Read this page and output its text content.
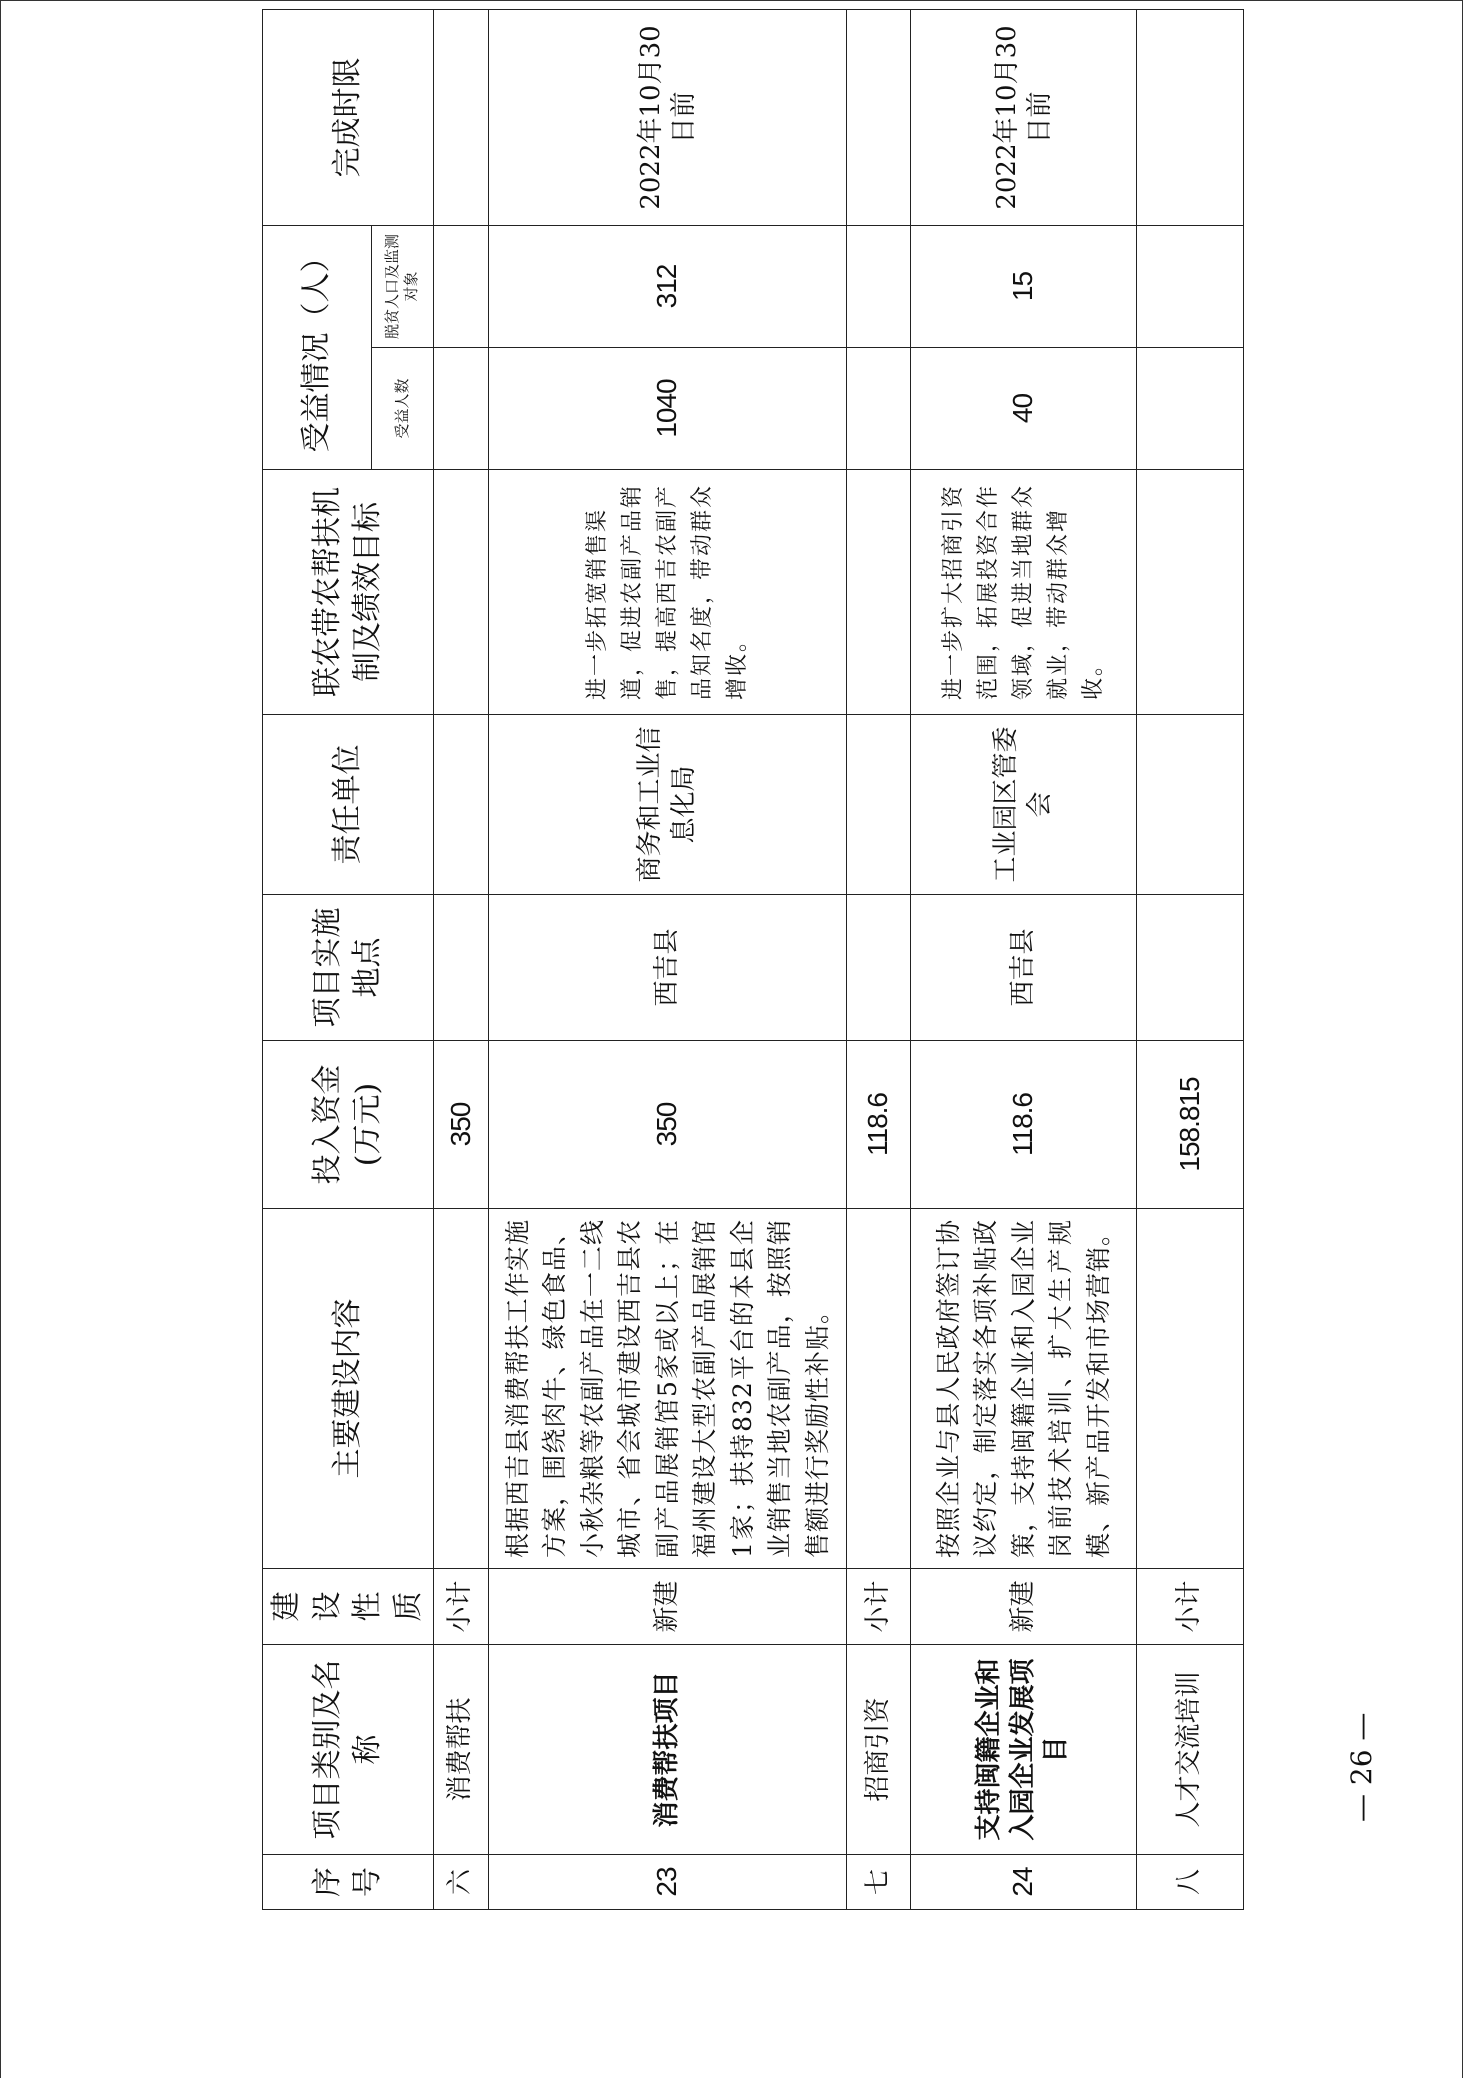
序号	项目类别及名称	建设性质	主要建设内容	投入资金(万元)	项目实施地点	责任单位	联农带农帮扶机制及绩效目标	受益情况（人）		完成时限
								受益人数	脱贫人口及监测对象	
六	消费帮扶	小计		350						
23	消费帮扶项目	新建	根据西吉县消费帮扶工作实施方案，围绕肉牛、绿色食品、小秋杂粮等农副产品在一二线城市、省会城市建设西吉县农副产品展销馆5家或以上；在福州建设大型农副产品展销馆1家；扶持832平台的本县企业销售当地农副产品，按照销售额进行奖励性补贴。	350	西吉县	商务和工业信息化局	进一步拓宽销售渠道，促进农副产品销售，提高西吉农副产品知名度，带动群众增收。	1040	312	2022年10月30日前
七	招商引资	小计		118.6						
24	支持闽籍企业和入园企业发展项目	新建	按照企业与县人民政府签订协议约定，制定落实各项补贴政策，支持闽籍企业和入园企业岗前技术培训、扩大生产规模、新产品开发和市场营销。	118.6	西吉县	工业园区管委会	进一步扩大招商引资范围，拓展投资合作领域，促进当地群众就业，带动群众增收。	40	15	2022年10月30日前
八	人才交流培训	小计		158.815						
— 26 —
